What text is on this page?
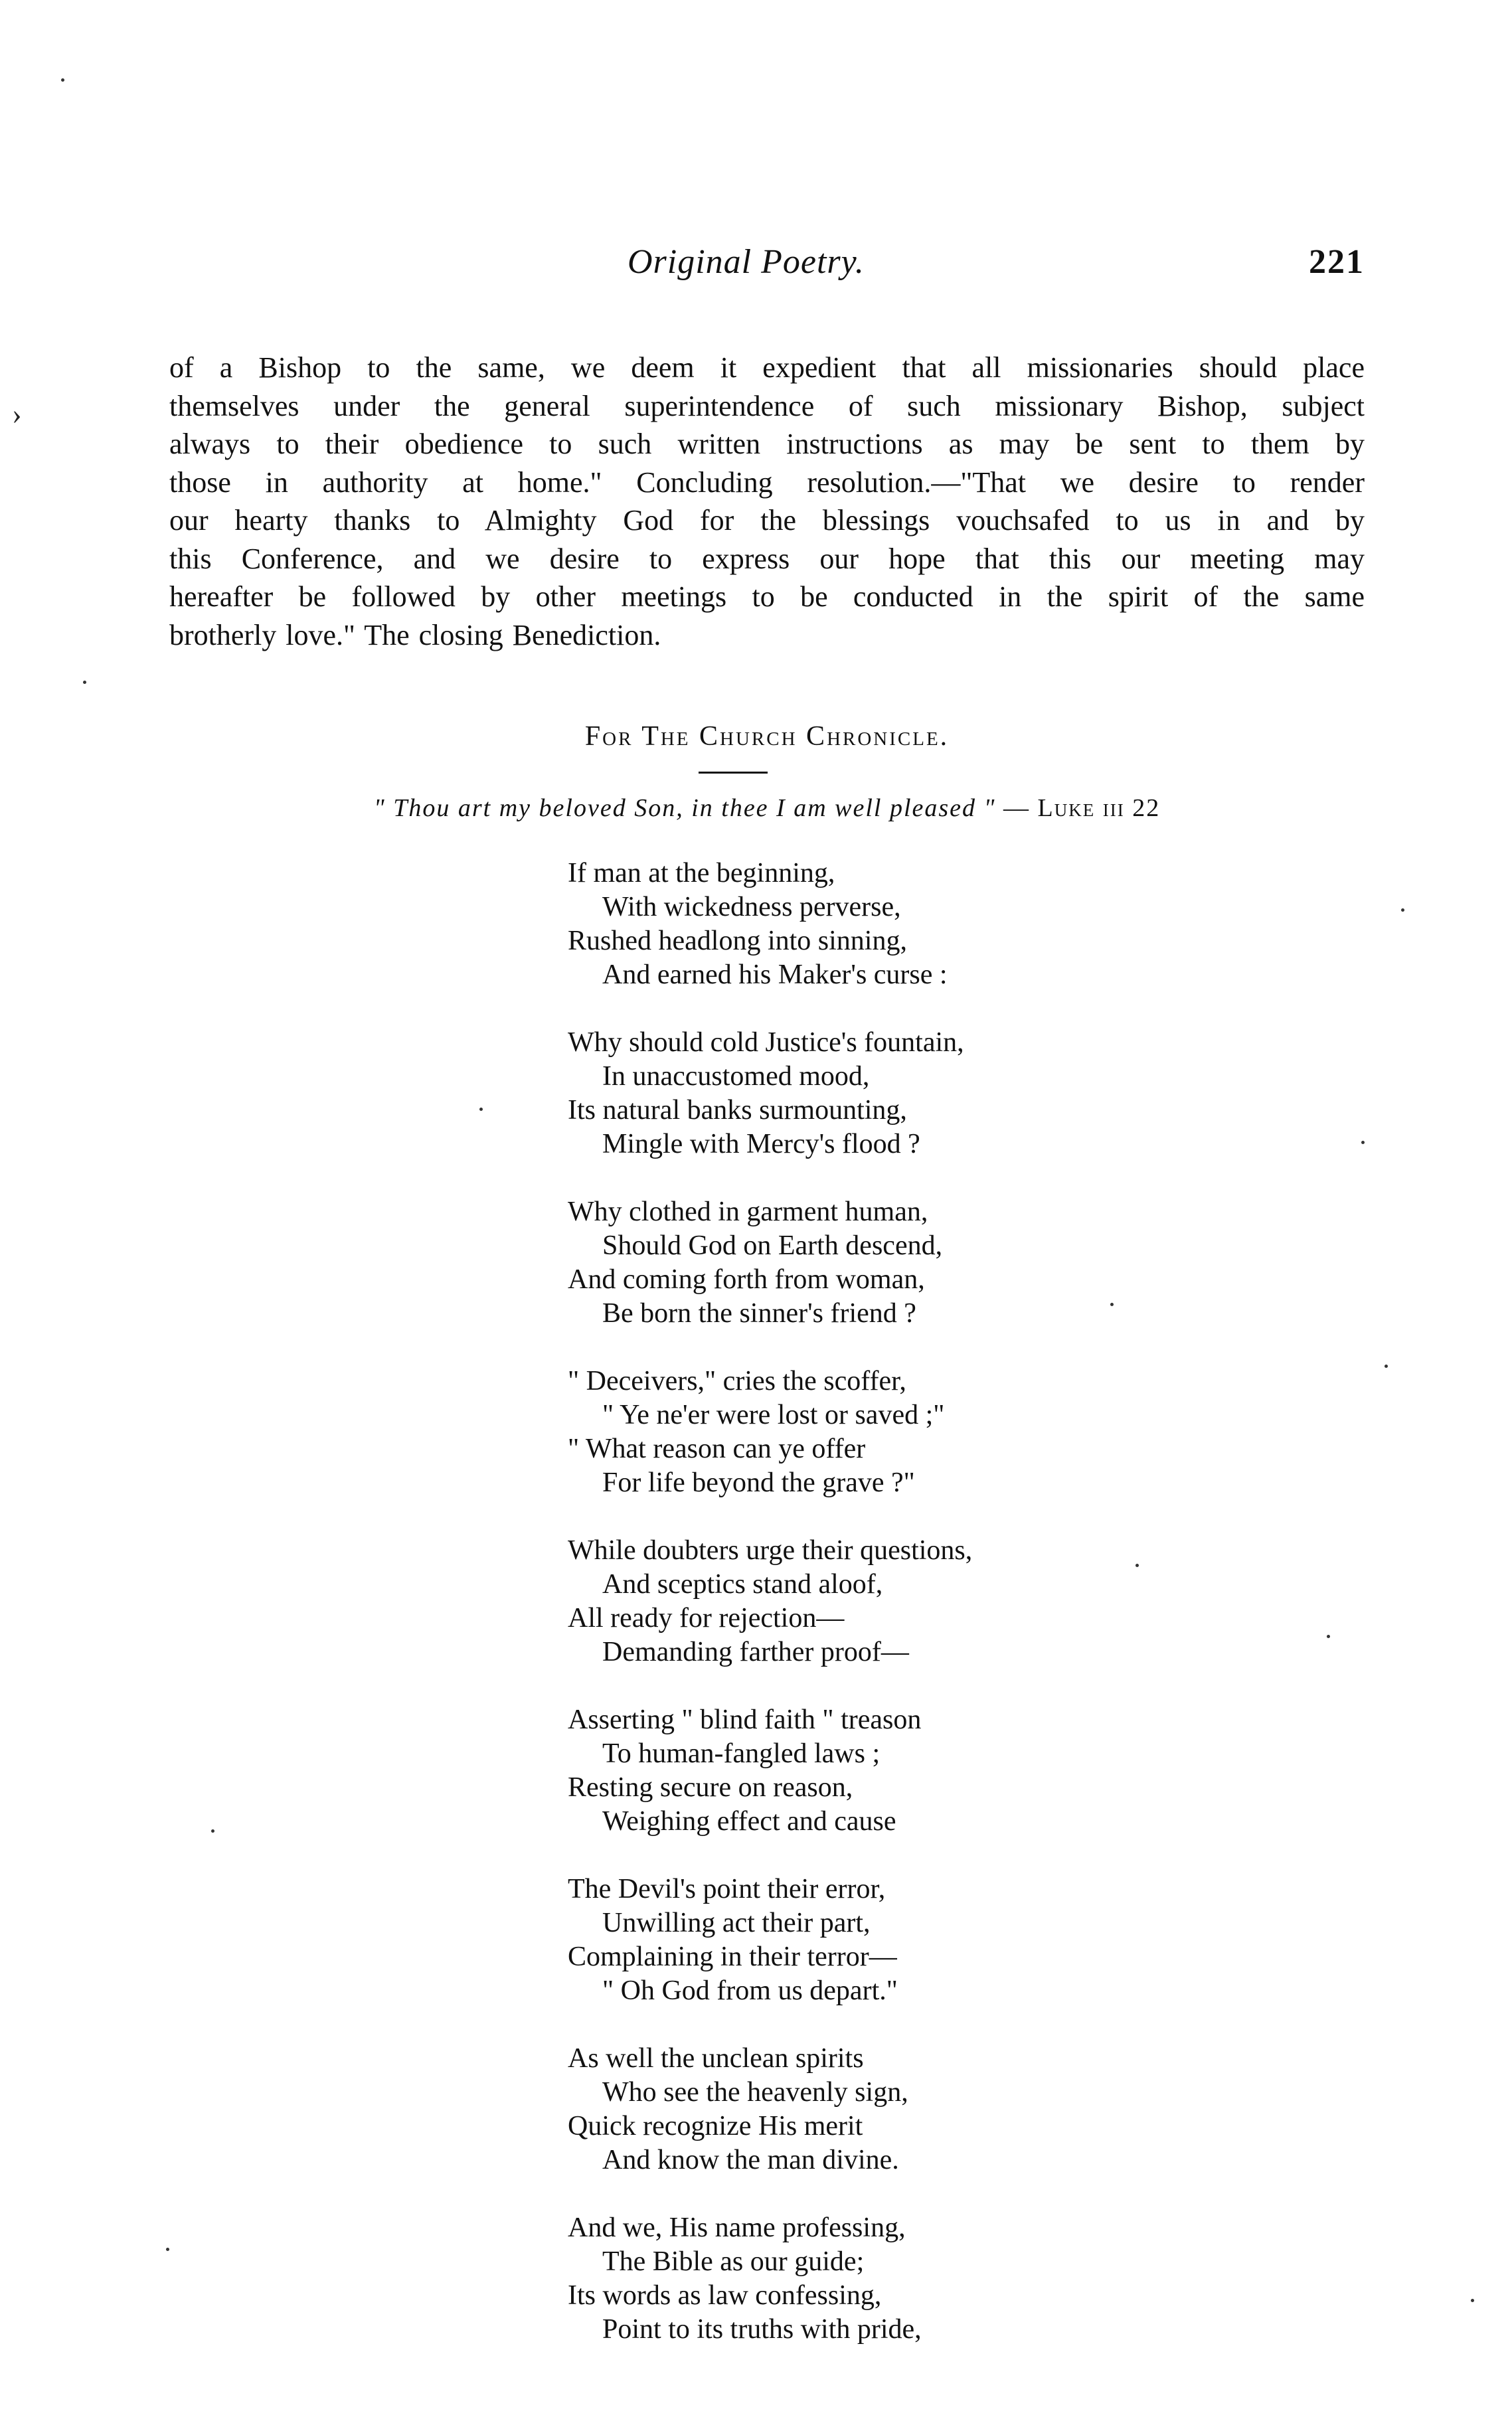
›
Original Poetry.	221
of a Bishop to the same, we deem it expedient that all missionaries should place
themselves under the general superintendence of such missionary Bishop, subject
always to their obedience to such written instructions as may be sent to them by
those in authority at home." Concluding resolution.—"That we desire to render
our hearty thanks to Almighty God for the blessings vouchsafed to us in and by
this Conference, and we desire to express our hope that this our meeting may
hereafter be followed by other meetings to be conducted in the spirit of the same
brotherly love." The closing Benediction.
For The Church Chronicle.
" Thou art my beloved Son, in thee I am well pleased " — Luke iii 22
If man at the beginning,
With wickedness perverse,
Rushed headlong into sinning,
And earned his Maker's curse :
Why should cold Justice's fountain,
In unaccustomed mood,
Its natural banks surmounting,
Mingle with Mercy's flood ?
Why clothed in garment human,
Should God on Earth descend,
And coming forth from woman,
Be born the sinner's friend ?
" Deceivers," cries the scoffer,
" Ye ne'er were lost or saved ;"
" What reason can ye offer
For life beyond the grave ?"
While doubters urge their questions,
And sceptics stand aloof,
All ready for rejection—
Demanding farther proof—
Asserting " blind faith " treason
To human-fangled laws ;
Resting secure on reason,
Weighing effect and cause
The Devil's point their error,
Unwilling act their part,
Complaining in their terror—
" Oh God from us depart."
As well the unclean spirits
Who see the heavenly sign,
Quick recognize His merit
And know the man divine.
And we, His name professing,
The Bible as our guide;
Its words as law confessing,
Point to its truths with pride,
